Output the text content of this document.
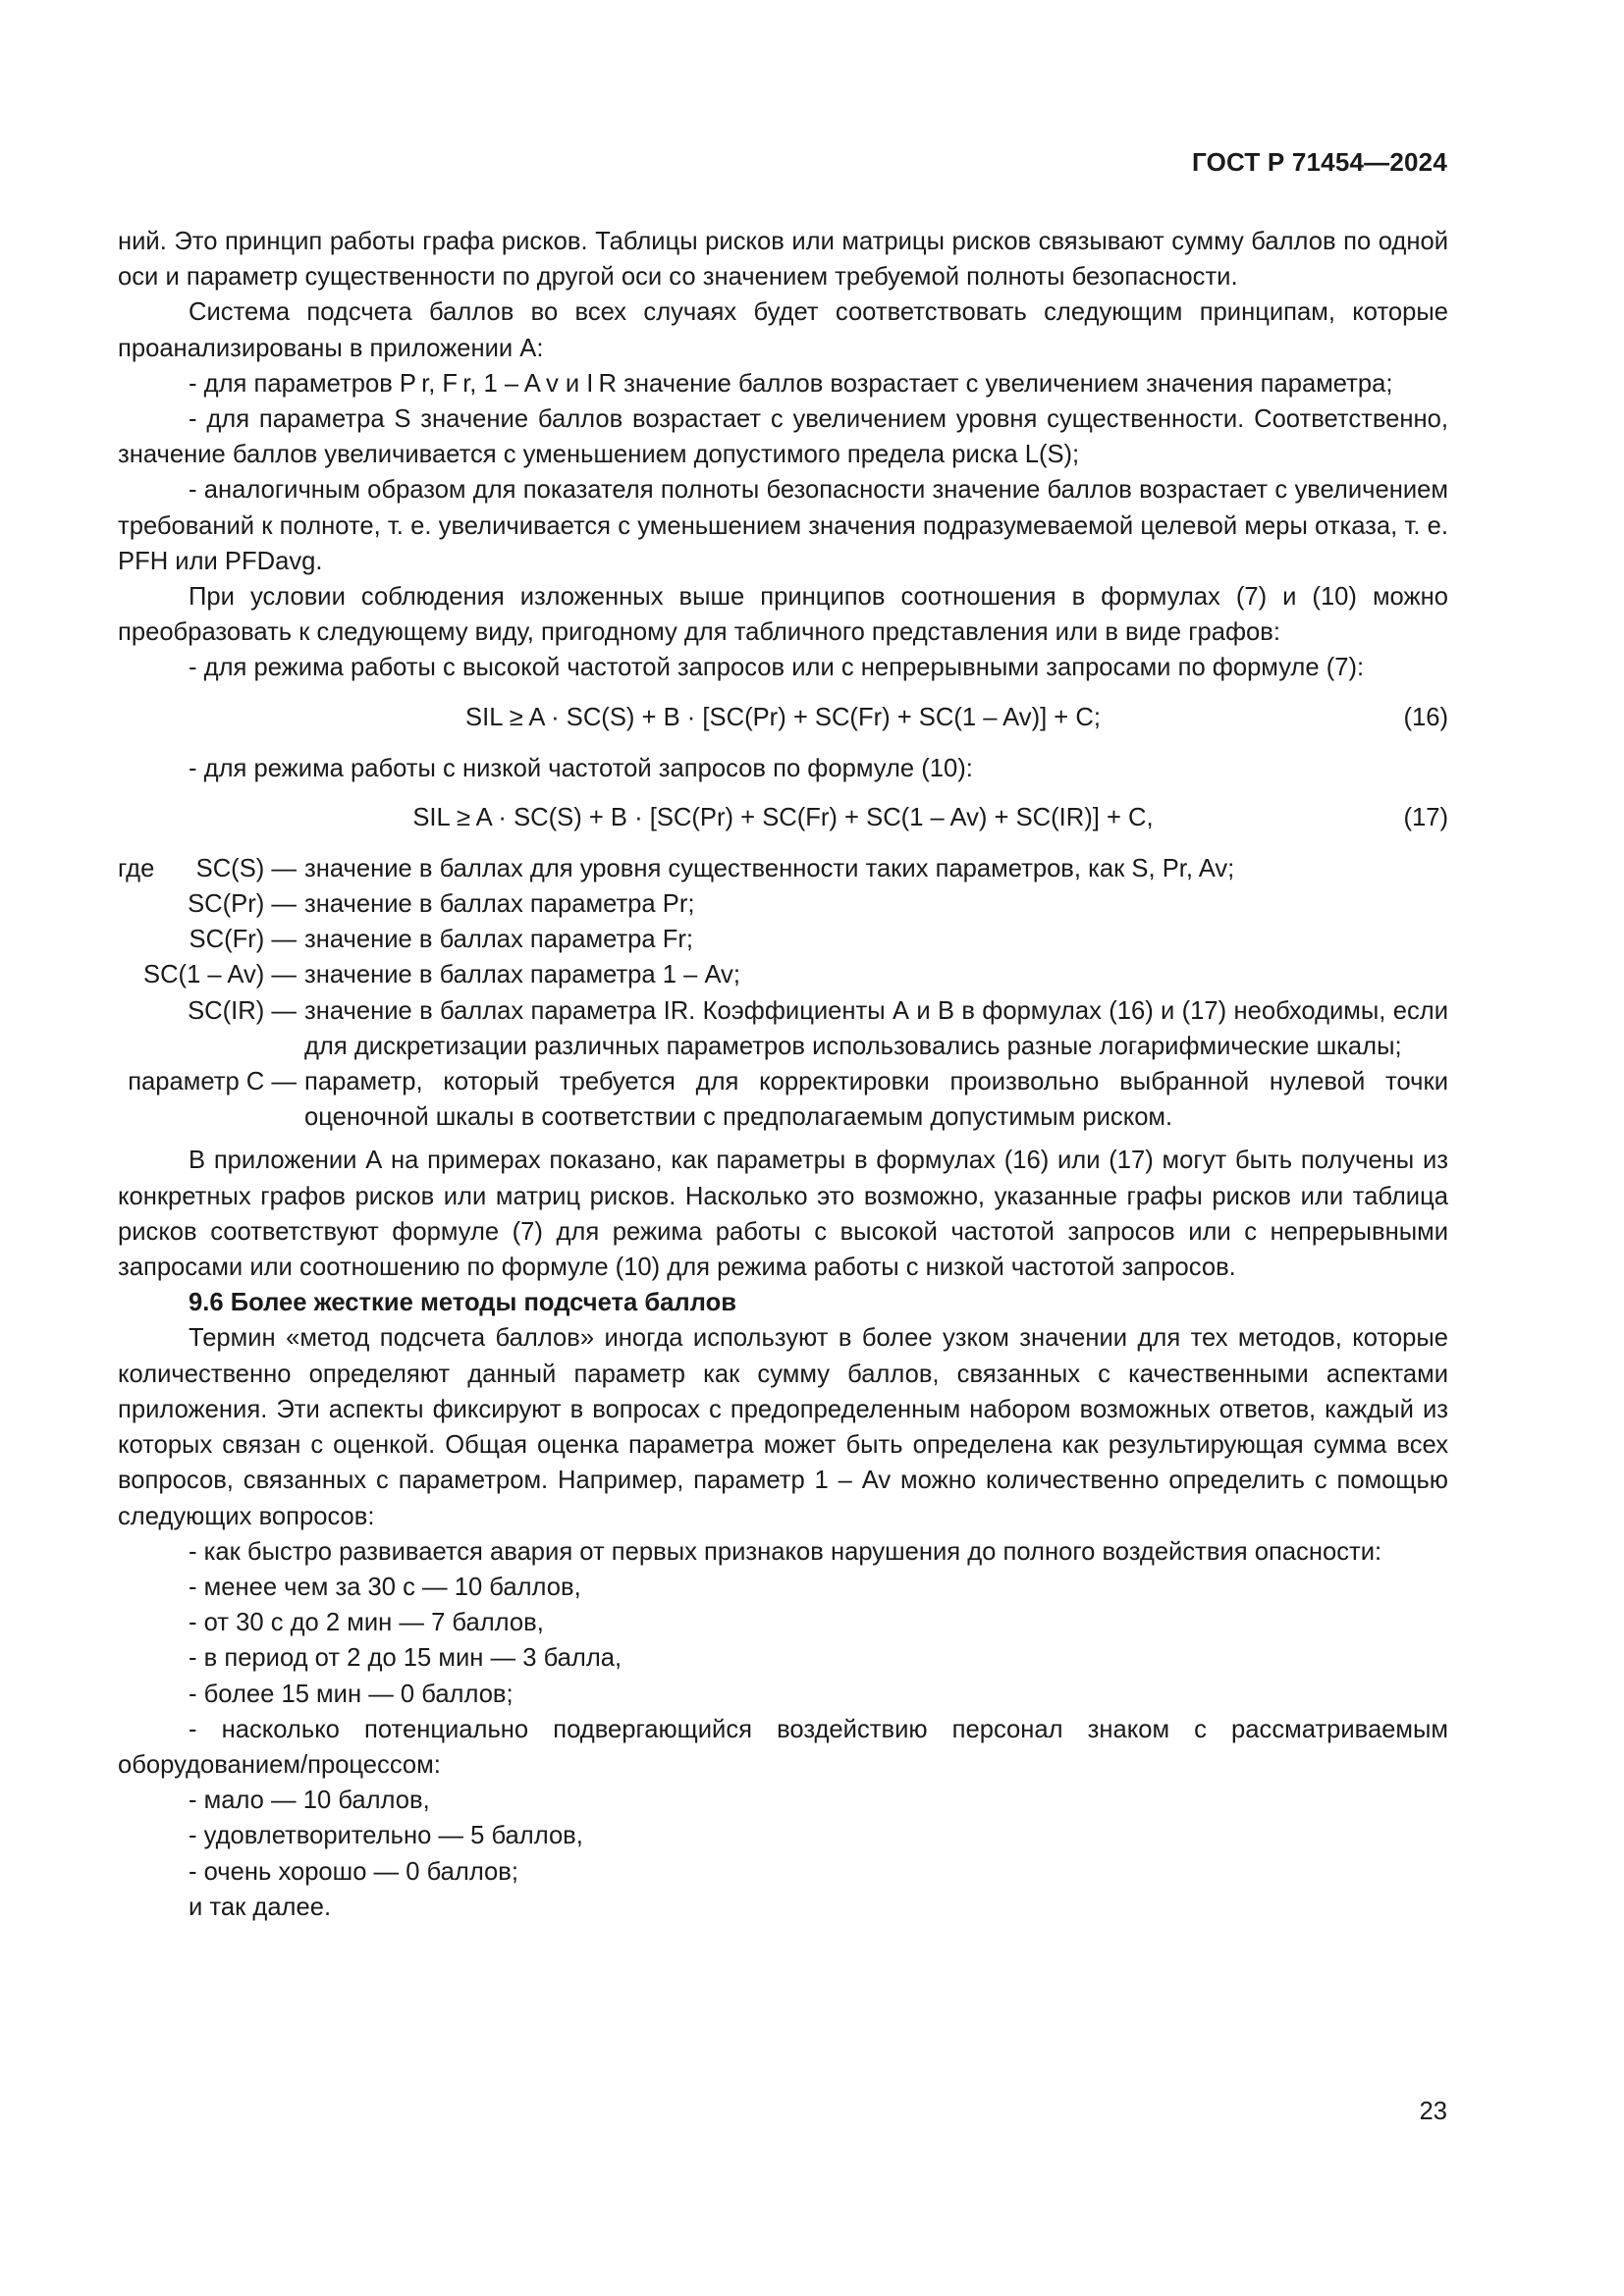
ГОСТ Р 71454—2024

ний. Это принцип работы графа рисков. Таблицы рисков или матрицы рисков связывают сумму баллов по одной оси и параметр существенности по другой оси со значением требуемой полноты безопасности.

Система подсчета баллов во всех случаях будет соответствовать следующим принципам, которые проанализированы в приложении А:

- для параметров P r, F r, 1 – A v и I R значение баллов возрастает с увеличением значения параметра;

- для параметра S значение баллов возрастает с увеличением уровня существенности. Соответственно, значение баллов увеличивается с уменьшением допустимого предела риска L(S);

- аналогичным образом для показателя полноты безопасности значение баллов возрастает с увеличением требований к полноте, т. е. увеличивается с уменьшением значения подразумеваемой целевой меры отказа, т. е. PFH или PFDavg.

При условии соблюдения изложенных выше принципов соотношения в формулах (7) и (10) можно преобразовать к следующему виду, пригодному для табличного представления или в виде графов:

- для режима работы с высокой частотой запросов или с непрерывными запросами по формуле (7):

SIL ≥ A · SC(S) + B · [SC(Pr) + SC(Fr) + SC(1 – Av)] + C;	(16)

- для режима работы с низкой частотой запросов по формуле (10):

SIL ≥ A · SC(S) + B · [SC(Pr) + SC(Fr) + SC(1 – Av) + SC(IR)] + C,	(17)
где SC(S) — значение в баллах для уровня существенности таких параметров, как S, Pr, Av;
SC(Pr) — значение в баллах параметра Pr;
SC(Fr) — значение в баллах параметра Fr;
SC(1 – Av) — значение в баллах параметра 1 – Av;
SC(IR) — значение в баллах параметра IR. Коэффициенты А и В в формулах (16) и (17) необходимы, если для дискретизации различных параметров использовались разные логарифмические шкалы;
параметр С — параметр, который требуется для корректировки произвольно выбранной нулевой точки оценочной шкалы в соответствии с предполагаемым допустимым риском.

В приложении А на примерах показано, как параметры в формулах (16) или (17) могут быть получены из конкретных графов рисков или матриц рисков. Насколько это возможно, указанные графы рисков или таблица рисков соответствуют формуле (7) для режима работы с высокой частотой запросов или с непрерывными запросами или соотношению по формуле (10) для режима работы с низкой частотой запросов.

9.6 Более жесткие методы подсчета баллов

Термин «метод подсчета баллов» иногда используют в более узком значении для тех методов, которые количественно определяют данный параметр как сумму баллов, связанных с качественными аспектами приложения. Эти аспекты фиксируют в вопросах с предопределенным набором возможных ответов, каждый из которых связан с оценкой. Общая оценка параметра может быть определена как результирующая сумма всех вопросов, связанных с параметром. Например, параметр 1 – Av можно количественно определить с помощью следующих вопросов:

- как быстро развивается авария от первых признаков нарушения до полного воздействия опасности:

- менее чем за 30 с — 10 баллов,

- от 30 с до 2 мин — 7 баллов,

- в период от 2 до 15 мин — 3 балла,

- более 15 мин — 0 баллов;

- насколько потенциально подвергающийся воздействию персонал знаком с рассматриваемым оборудованием/процессом:

- мало — 10 баллов,

- удовлетворительно — 5 баллов,

- очень хорошо — 0 баллов;

и так далее.

23
